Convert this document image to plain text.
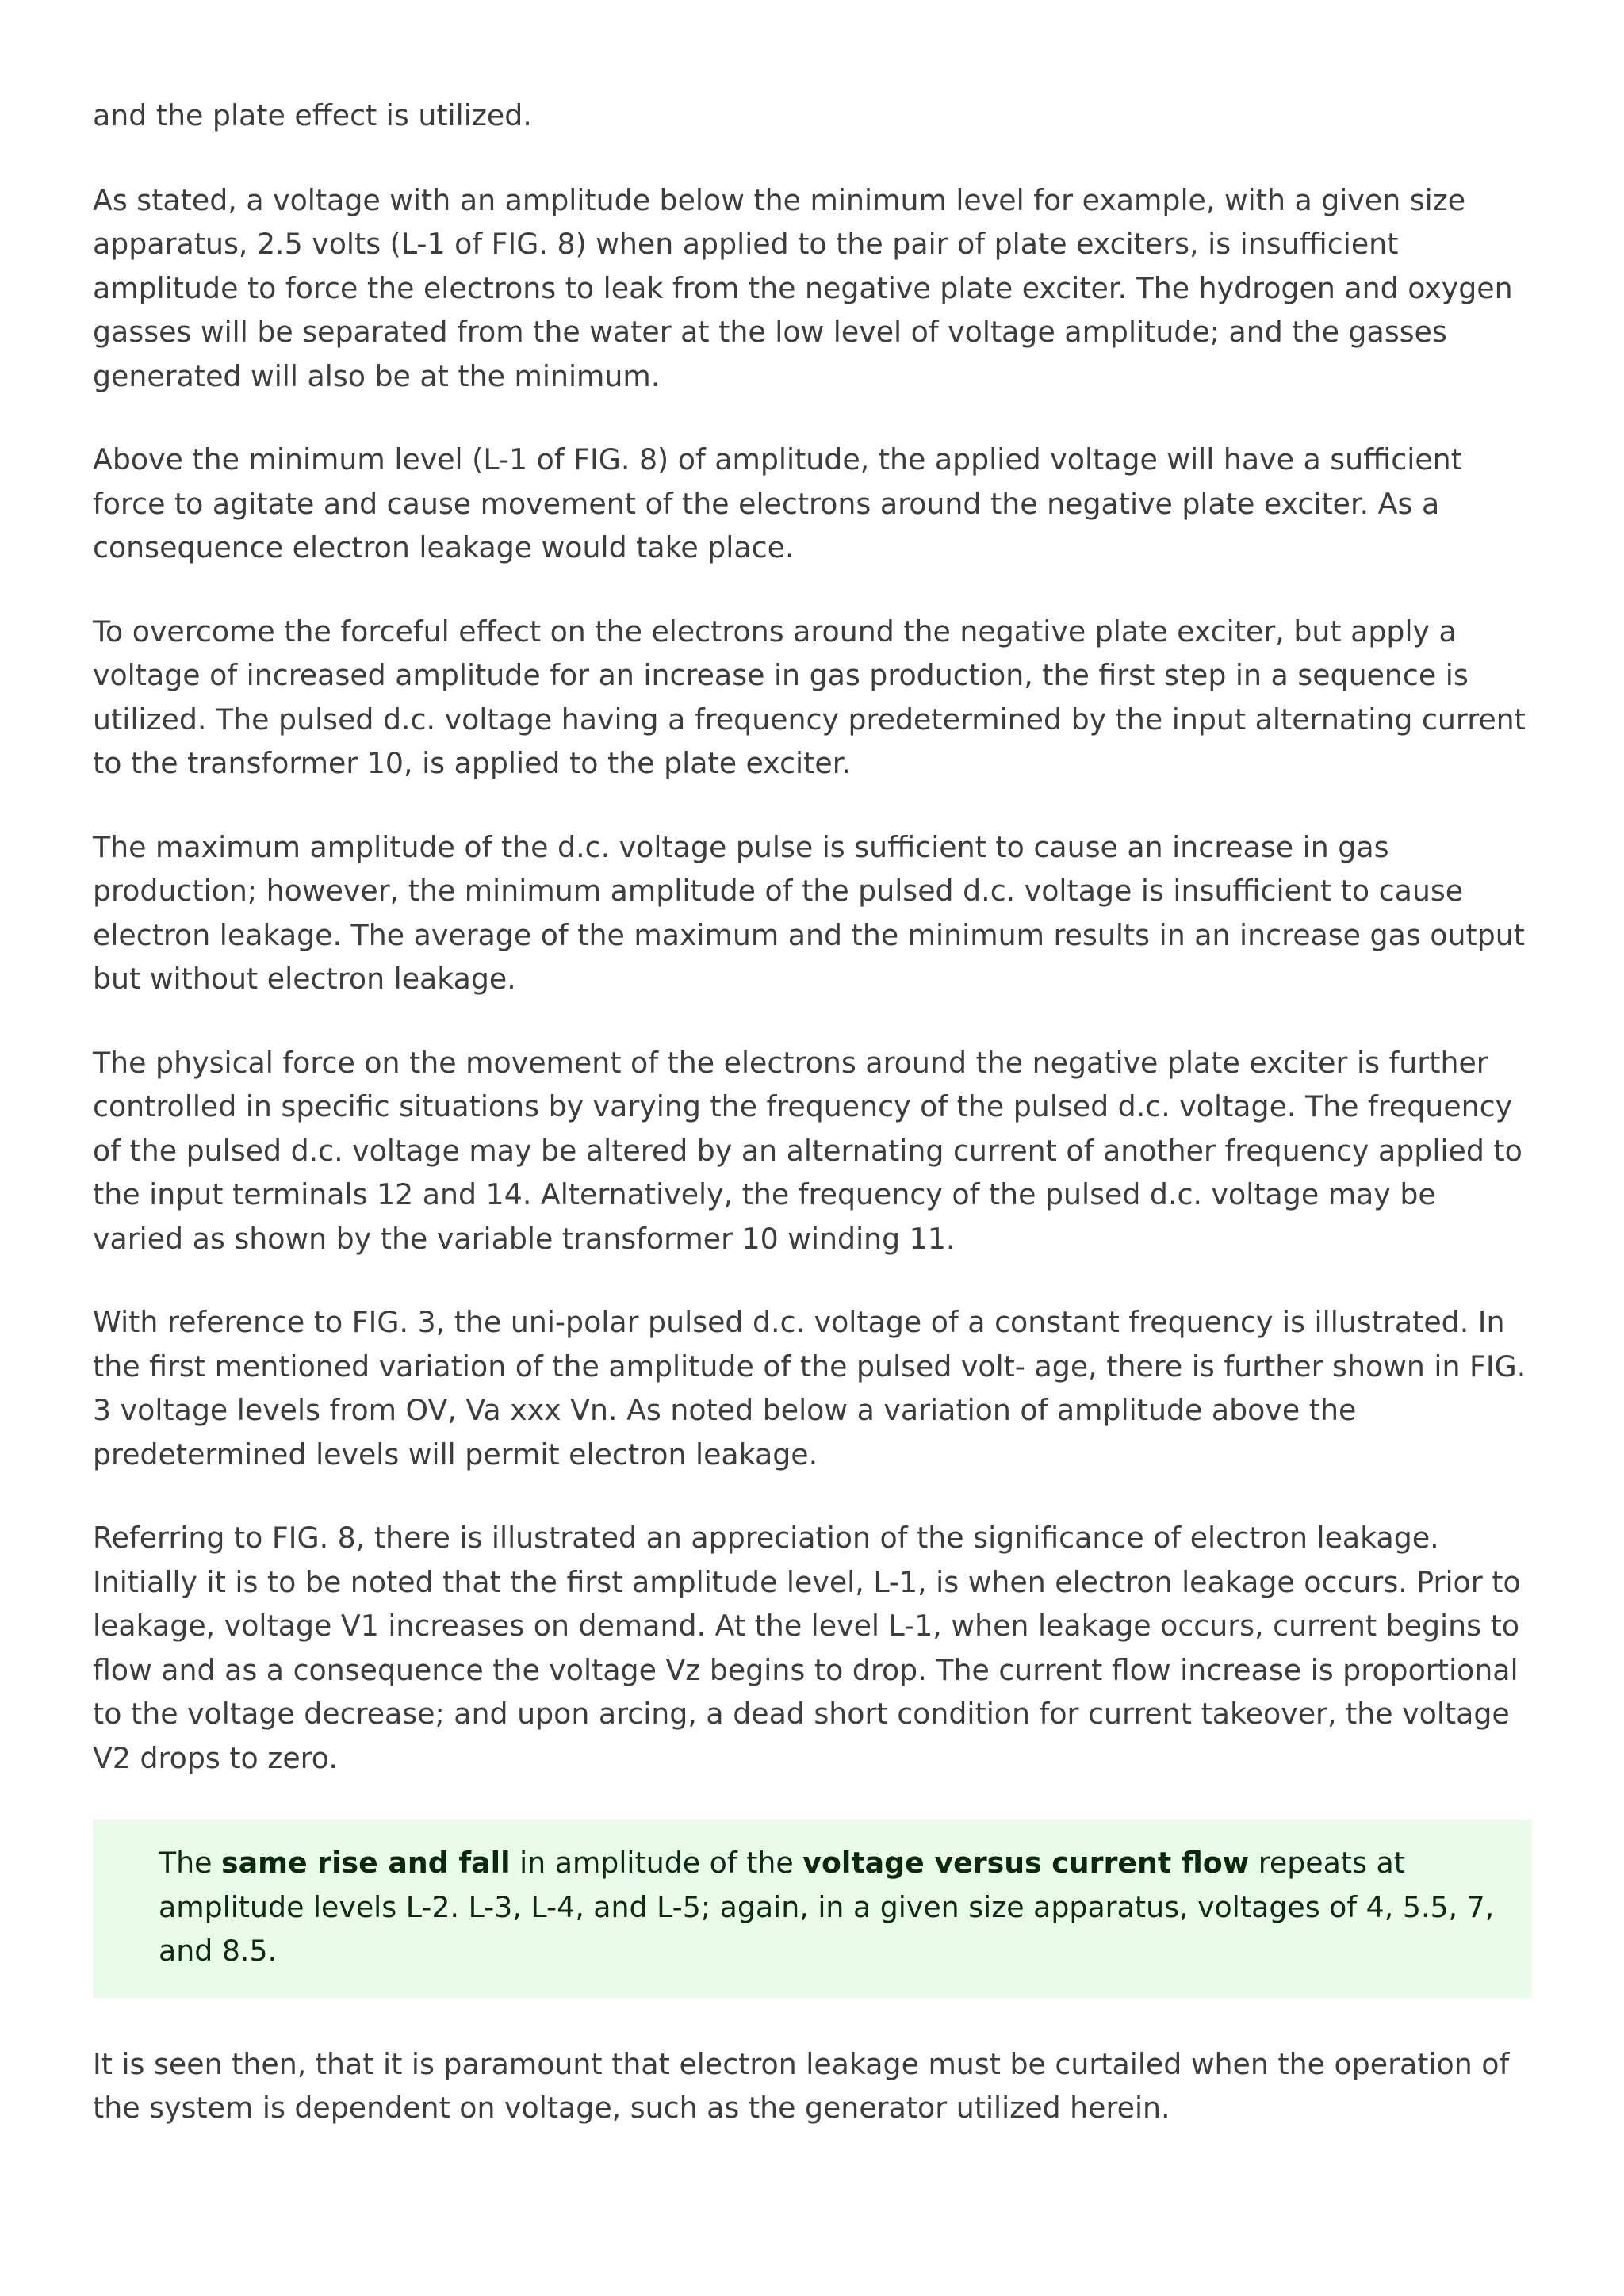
and the plate effect is utilized.

As stated, a voltage with an amplitude below the minimum level for example, with a given size apparatus, 2.5 volts (L-1 of FIG. 8) when applied to the pair of plate exciters, is insufficient amplitude to force the electrons to leak from the negative plate exciter. The hydrogen and oxygen gasses will be separated from the water at the low level of voltage amplitude; and the gasses generated will also be at the minimum.

Above the minimum level (L-1 of FIG. 8) of amplitude, the applied voltage will have a sufficient force to agitate and cause movement of the electrons around the negative plate exciter. As a consequence electron leakage would take place.

To overcome the forceful effect on the electrons around the negative plate exciter, but apply a voltage of increased amplitude for an increase in gas production, the first step in a sequence is utilized. The pulsed d.c. voltage having a frequency predetermined by the input alternating current to the transformer 10, is applied to the plate exciter.

The maximum amplitude of the d.c. voltage pulse is sufficient to cause an increase in gas production; however, the minimum amplitude of the pulsed d.c. voltage is insufficient to cause electron leakage. The average of the maximum and the minimum results in an increase gas output but without electron leakage.

The physical force on the movement of the electrons around the negative plate exciter is further controlled in specific situations by varying the frequency of the pulsed d.c. voltage. The frequency of the pulsed d.c. voltage may be altered by an alternating current of another frequency applied to the input terminals 12 and 14. Alternatively, the frequency of the pulsed d.c. voltage may be varied as shown by the variable transformer 10 winding 11.

With reference to FIG. 3, the uni-polar pulsed d.c. voltage of a constant frequency is illustrated. In the first mentioned variation of the amplitude of the pulsed volt- age, there is further shown in FIG. 3 voltage levels from OV, Va xxx Vn. As noted below a variation of amplitude above the predetermined levels will permit electron leakage.

Referring to FIG. 8, there is illustrated an appreciation of the significance of electron leakage. Initially it is to be noted that the first amplitude level, L-1, is when electron leakage occurs. Prior to leakage, voltage V1 increases on demand. At the level L-1, when leakage occurs, current begins to flow and as a consequence the voltage Vz begins to drop. The current flow increase is proportional to the voltage decrease; and upon arcing, a dead short condition for current takeover, the voltage V2 drops to zero.

The same rise and fall in amplitude of the voltage versus current flow repeats at amplitude levels L-2. L-3, L-4, and L-5; again, in a given size apparatus, voltages of 4, 5.5, 7, and 8.5.

It is seen then, that it is paramount that electron leakage must be curtailed when the operation of the system is dependent on voltage, such as the generator utilized herein.
